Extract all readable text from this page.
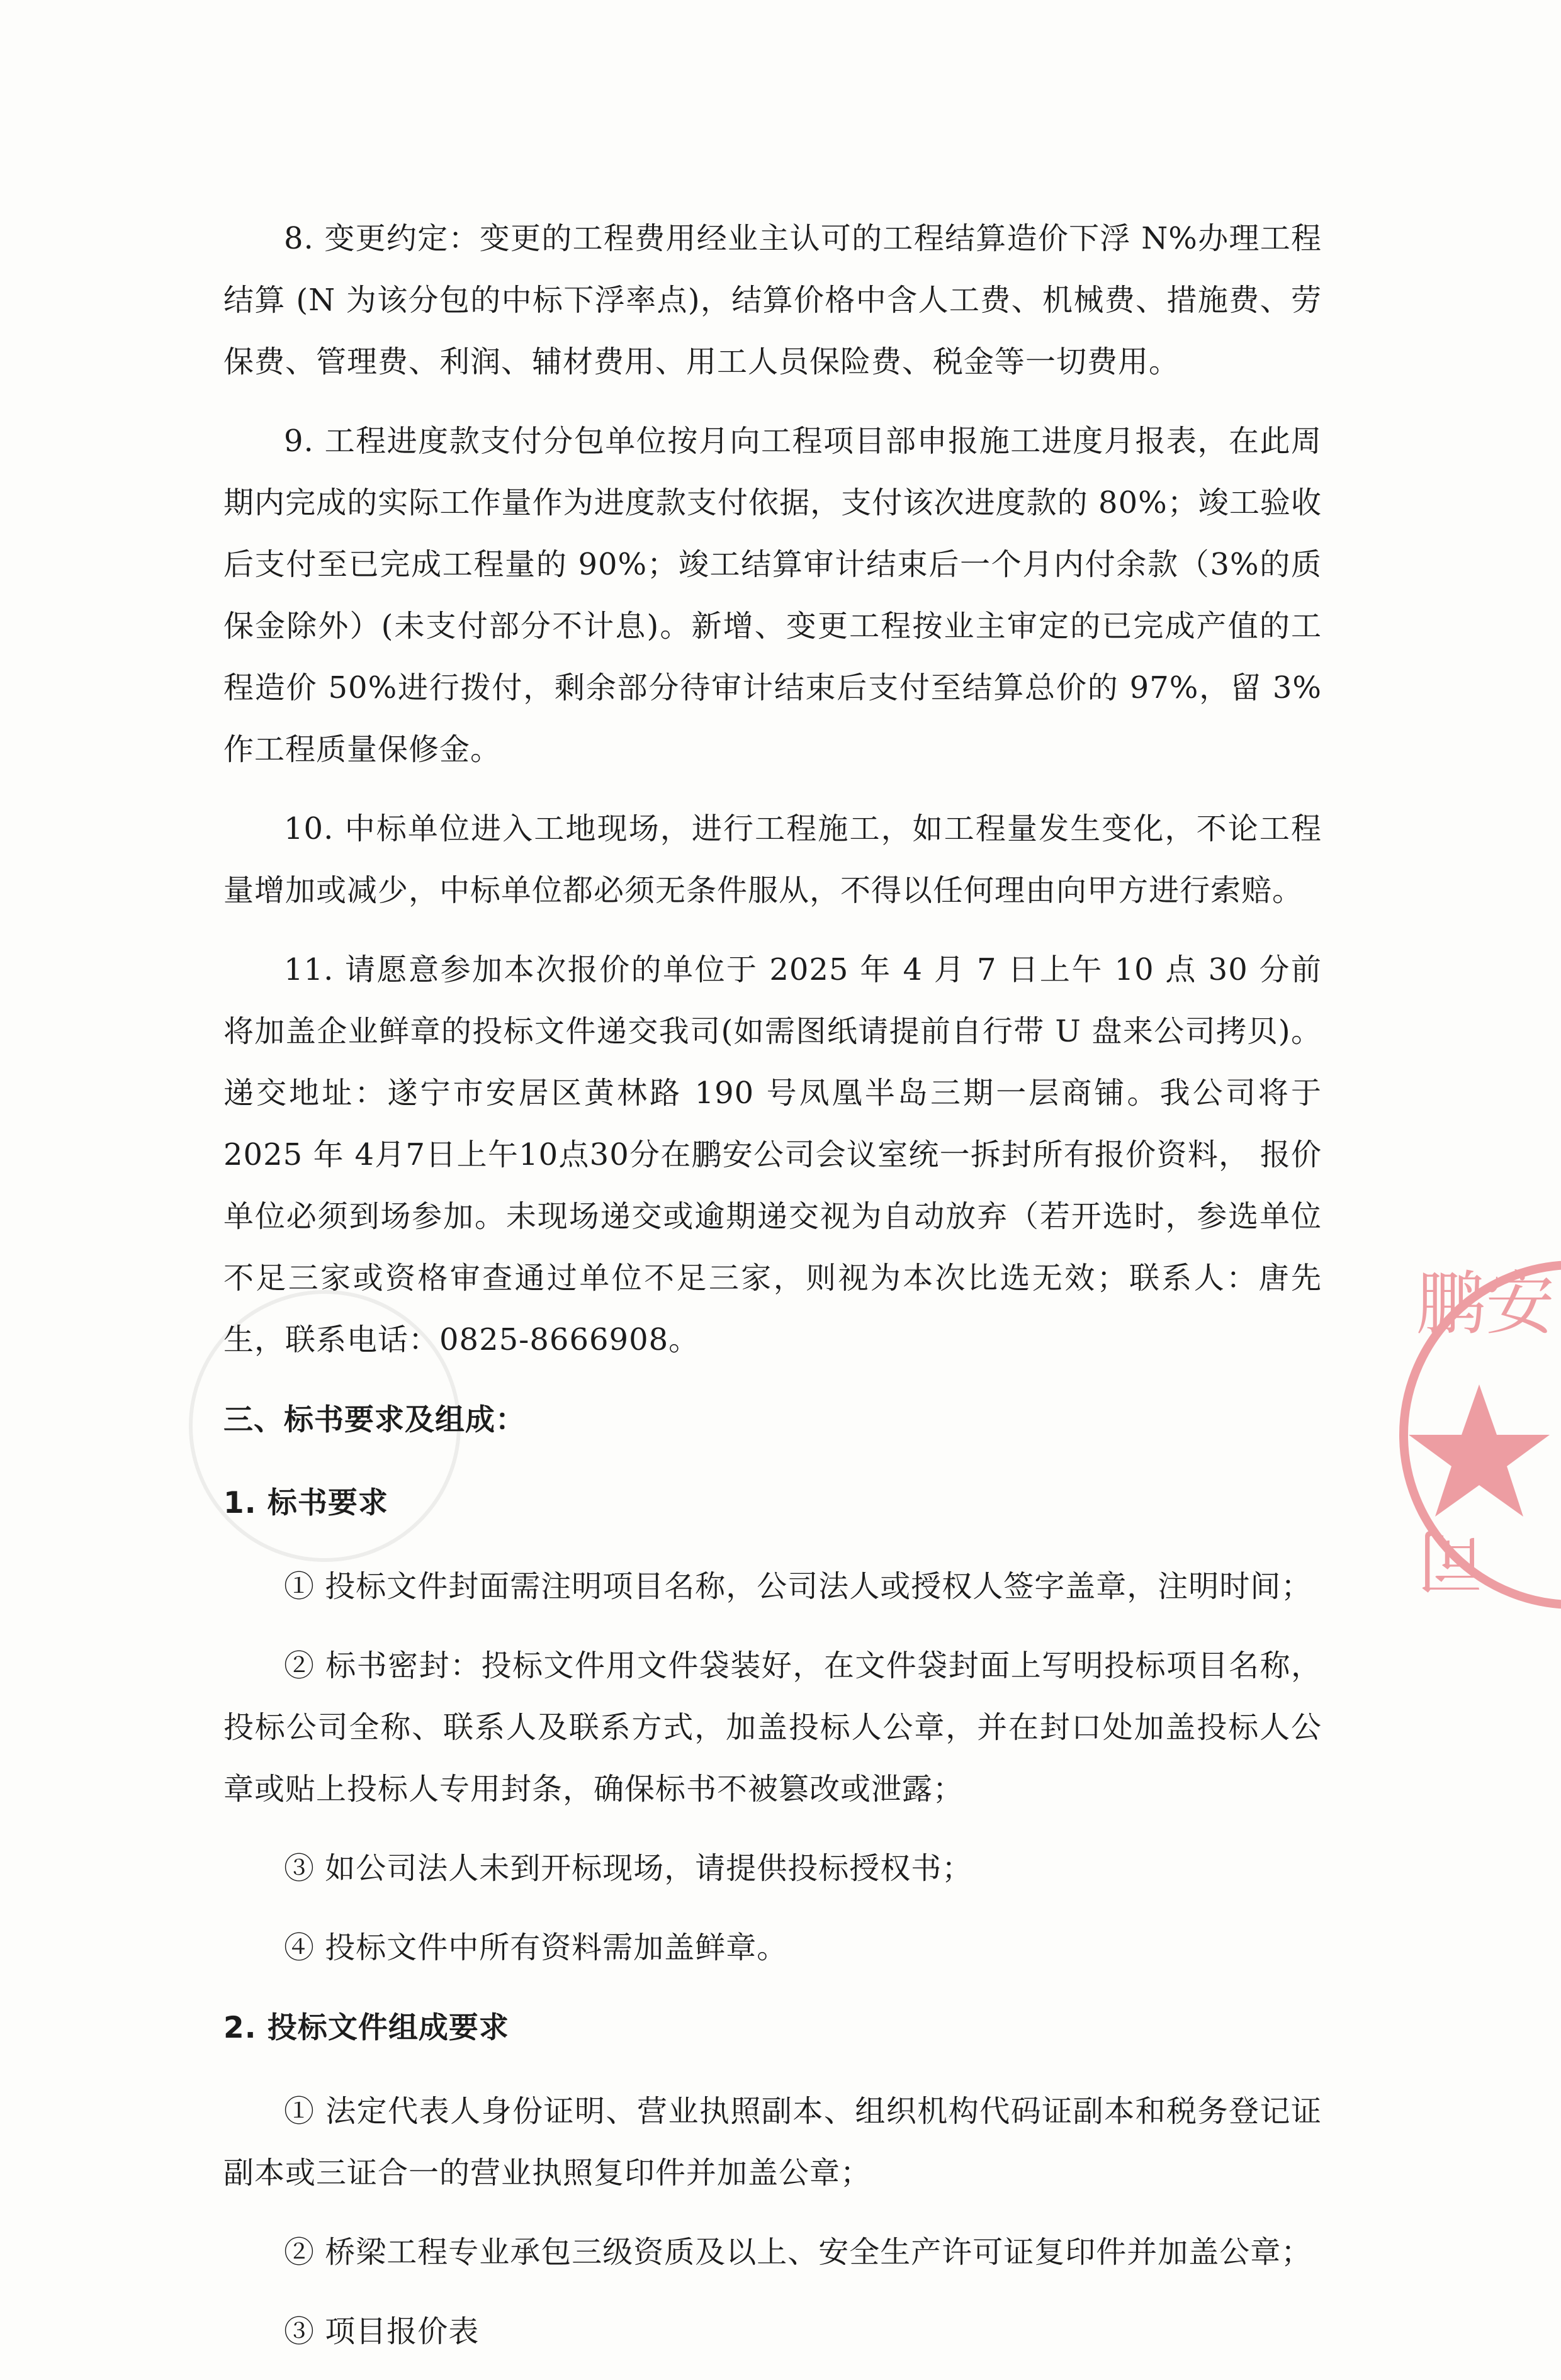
8. 变更约定：变更的工程费用经业主认可的工程结算造价下浮 N%办理工程结算 (N 为该分包的中标下浮率点)，结算价格中含人工费、机械费、措施费、劳保费、管理费、利润、辅材费用、用工人员保险费、税金等一切费用。

9. 工程进度款支付分包单位按月向工程项目部申报施工进度月报表，在此周期内完成的实际工作量作为进度款支付依据，支付该次进度款的 80%；竣工验收后支付至已完成工程量的 90%；竣工结算审计结束后一个月内付余款（3%的质保金除外）(未支付部分不计息)。新增、变更工程按业主审定的已完成产值的工程造价 50%进行拨付，剩余部分待审计结束后支付至结算总价的 97%，留 3%作工程质量保修金。

10. 中标单位进入工地现场，进行工程施工，如工程量发生变化，不论工程量增加或减少，中标单位都必须无条件服从，不得以任何理由向甲方进行索赔。

11. 请愿意参加本次报价的单位于 2025 年 4 月 7 日上午 10 点 30 分前将加盖企业鲜章的投标文件递交我司(如需图纸请提前自行带 U 盘来公司拷贝)。递交地址：遂宁市安居区黄林路 190 号凤凰半岛三期一层商铺。我公司将于 2025 年 4月7日上午10点30分在鹏安公司会议室统一拆封所有报价资料， 报价单位必须到场参加。未现场递交或逾期递交视为自动放弃（若开选时，参选单位不足三家或资格审查通过单位不足三家，则视为本次比选无效；联系人：唐先生，联系电话：0825-8666908。

三、标书要求及组成：
1. 标书要求

① 投标文件封面需注明项目名称，公司法人或授权人签字盖章，注明时间；

② 标书密封：投标文件用文件袋装好，在文件袋封面上写明投标项目名称，投标公司全称、联系人及联系方式，加盖投标人公章，并在封口处加盖投标人公章或贴上投标人专用封条，确保标书不被篡改或泄露；

③ 如公司法人未到开标现场，请提供投标授权书；

④ 投标文件中所有资料需加盖鲜章。

2. 投标文件组成要求

① 法定代表人身份证明、营业执照副本、组织机构代码证副本和税务登记证副本或三证合一的营业执照复印件并加盖公章；

② 桥梁工程专业承包三级资质及以上、安全生产许可证复印件并加盖公章；

③ 项目报价表

鹏安
司
